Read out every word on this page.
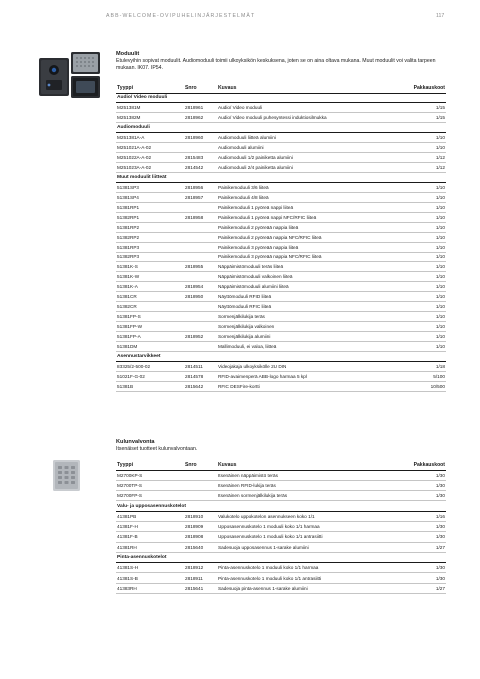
ABB-WELCOME-OVIPUHELINJÄRJESTELMÄT	117
Moduulit
Etulevyihin sopivat moduulit. Audiomoduuli toimii ulkoyksikön keskuksena, joten se on aina oltava mukana. Muut moduulit voi valita tarpeen mukaan. IK07. IP54.
Tyyppi	Snro	Kuvaus	Pakkauskoot
Audio/ Video moduuli			
M251381M	2818961	Audio/ Video moduuli	1/15
M251382M	2818962	Audio/ Video moduuli puhesyntessi induktiosilmukka	1/15
Audiomoduuli			
M251381A-A	2818960	Audiomoduuli liitteä alumiini	1/10
M251021A-A-02		Audiomoduuli alumiini	1/10
M251022A-A-02	2815483	Audiomoduuli 1/2 painiketta alumiini	1/12
M251023A-A-02	2814542	Audiomoduuli 2/4 painiketta alumiini	1/12
Muut moduulit liitteät			
51381SP3	2818956	Painikemoduuli 3/6 liiteä	1/10
51381SP4	2818957	Painikemoduuli 4/8 liiteä	1/10
51381RP1		Painikemoduuli 1 pyöreä nappi liiteä	1/10
51382RP1	2818958	Painikemoduuli 1 pyöreä nappi NFC/RFIC liiteä	1/10
51381RP2		Painikemoduuli 2 pyöreää nappia liiteä	1/10
51382RP2		Painikemoduuli 2 pyöreää nappia NFC/RFIC liiteä	1/10
51381RP3		Painikemoduuli 3 pyöreää nappia liiteä	1/10
51382RP3		Painikemoduuli 3 pyöreää nappia NFC/RFIC liiteä	1/10
51381K-S	2818955	Näppäimistömoduuli teräs liiteä	1/10
51381K-W		Näppäimistömoduuli valkoinen liiteä	1/10
51381K-A	2818954	Näppäimistömoduuli alumiini liiteä	1/10
51381CR	2818950	Näyttömoduuli RFID liiteä	1/10
51382CR		Näyttömoduuli RFIC liiteä	1/10
51381FP-S		Sormenjälkilukija teräs	1/10
51381FP-W		Sormenjälkilukija valkoinen	1/10
51381FP-A	2818952	Sormenjälkilukija alumiini	1/10
51381DM		Mallimoduuli, ei valoa, liitteä	1/10
Asennustarvikkeet			
83325/2-500-02	2814511	Videojakaja ulkoyksikölle 2U DIN	1/18
51021F-G-02	2814578	RFID-avaimenperä ABB-logo harmaa 5 kpl	5/100
51381B	2815642	RFIC DESFire-kortti	10/500
Kulunvalvonta
Itsenäiset tuotteet kulunvalvontaan.
Tyyppi	Snro	Kuvaus	Pakkauskoot
M2700KP-S		Itsenäinen näppäimistö teräs	1/30
M2700TP-S		Itsenäinen RFID-lukija teräs	1/30
M2700FP-S		Itsenäinen sormenjälkilukija teräs	1/30
Valu- ja upposasennuskotelot			
41381PB	2818910	Valukotelo uppokotelon asennukseen koko 1/1	1/16
41381F-H	2818909	Upposasennuskotelo 1 moduuli koko 1/1 harmaa	1/30
41381F-B	2818908	Upposasennuskotelo 1 moduuli koko 1/1 antrasiitti	1/30
41381RH	2815640	Sadesuoja upposasennus 1-sarake alumiini	1/27
Pinta-asennuskotelot			
41381S-H	2818912	Pinta-asennuskotelo 1 moduuli koko 1/1 harmaa	1/30
41381S-B	2818911	Pinta-asennuskotelo 1 moduuli koko 1/1 antrasiitti	1/30
41383RH	2815641	Sadesuoja pinta-asennus 1-sarake alumiini	1/27
